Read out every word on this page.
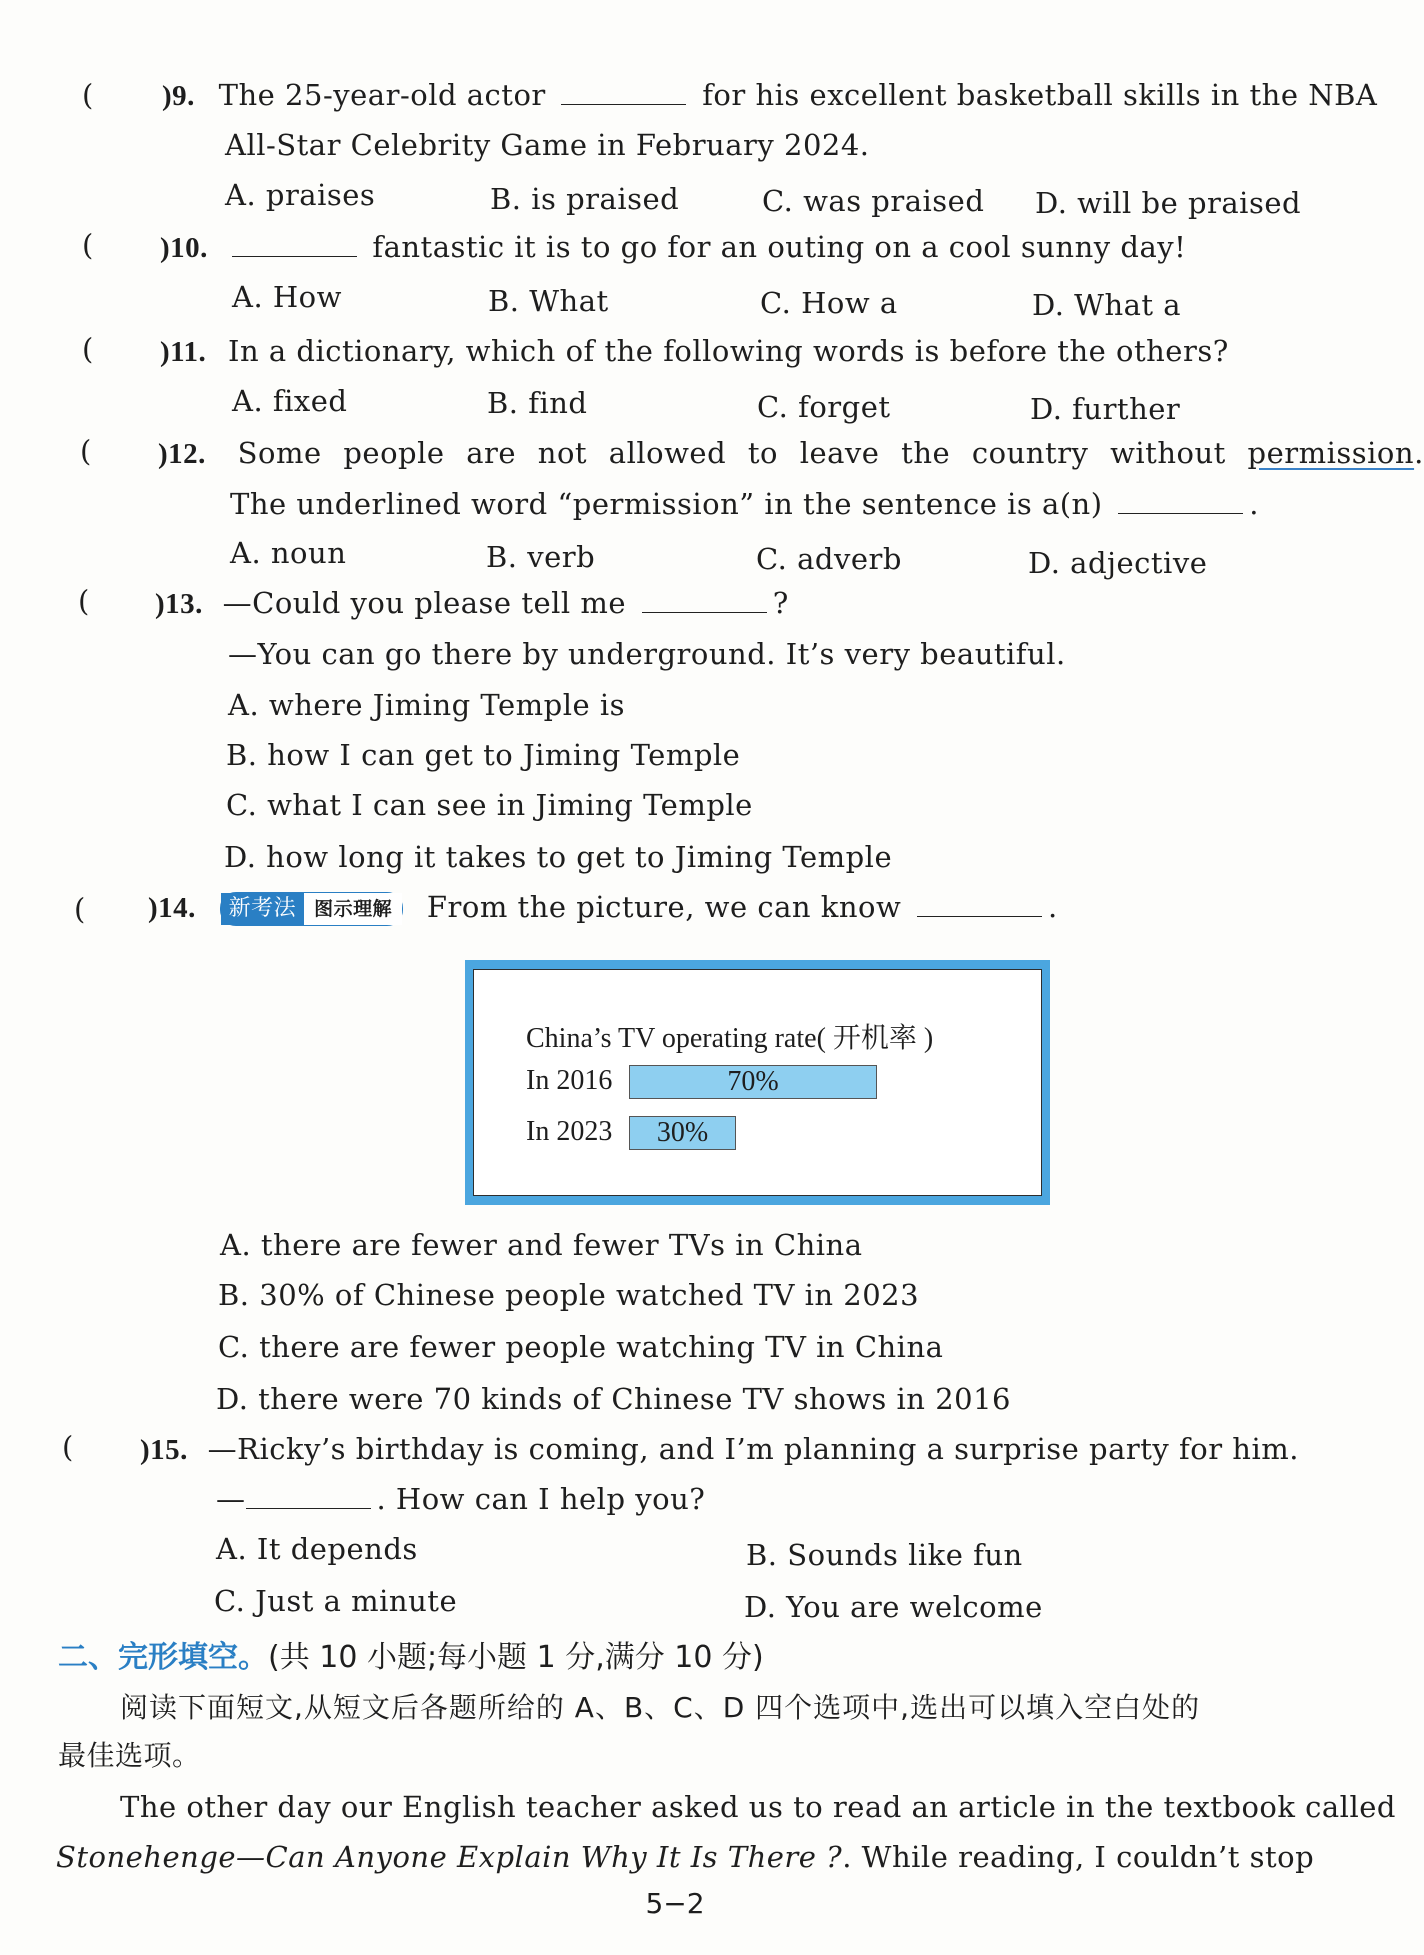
( )9. The 25-year-old actor	for his excellent basketball skills in the NBA
All-Star Celebrity Game in February 2024.
A. praises	B. is praised	C. was praised D. will be praised
( )10.	fantastic it is to go for an outing on a cool sunny day!
A. How	B. What	C. How a	D. What a
( )11. In a dictionary, which of the following words is before the others?
A. fixed	B. find	C. forget	D. further
( )12. Some people are not allowed to leave the country without permission.
The underlined word “permission” in the sentence is a(n)	.
A. noun	B. verb	C. adverb	D. adjective
( )13. —Could you please tell me	?
—You can go there by underground. It’s very beautiful.
A. where Jiming Temple is
B. how I can get to Jiming Temple
C. what I can see in Jiming Temple
D. how long it takes to get to Jiming Temple
( )14.	新考法 图示理解	From the picture, we can know	.
China’s TV operating rate( 开机率 )
In 2016	70%
In 2023	30%
A. there are fewer and fewer TVs in China
B. 30% of Chinese people watched TV in 2023
C. there are fewer people watching TV in China
D. there were 70 kinds of Chinese TV shows in 2016
( )15. —Ricky’s birthday is coming, and I’m planning a surprise party for him.
—	. How can I help you?
A. It depends	B. Sounds like fun
C. Just a minute	D. You are welcome
二、完形填空。(共 10 小题;每小题 1 分,满分 10 分)
阅读下面短文,从短文后各题所给的 A、B、C、D 四个选项中,选出可以填入空白处的
最佳选项。
The other day our English teacher asked us to read an article in the textbook called
Stonehenge—Can Anyone Explain Why It Is There ?. While reading, I couldn’t stop
5−2
